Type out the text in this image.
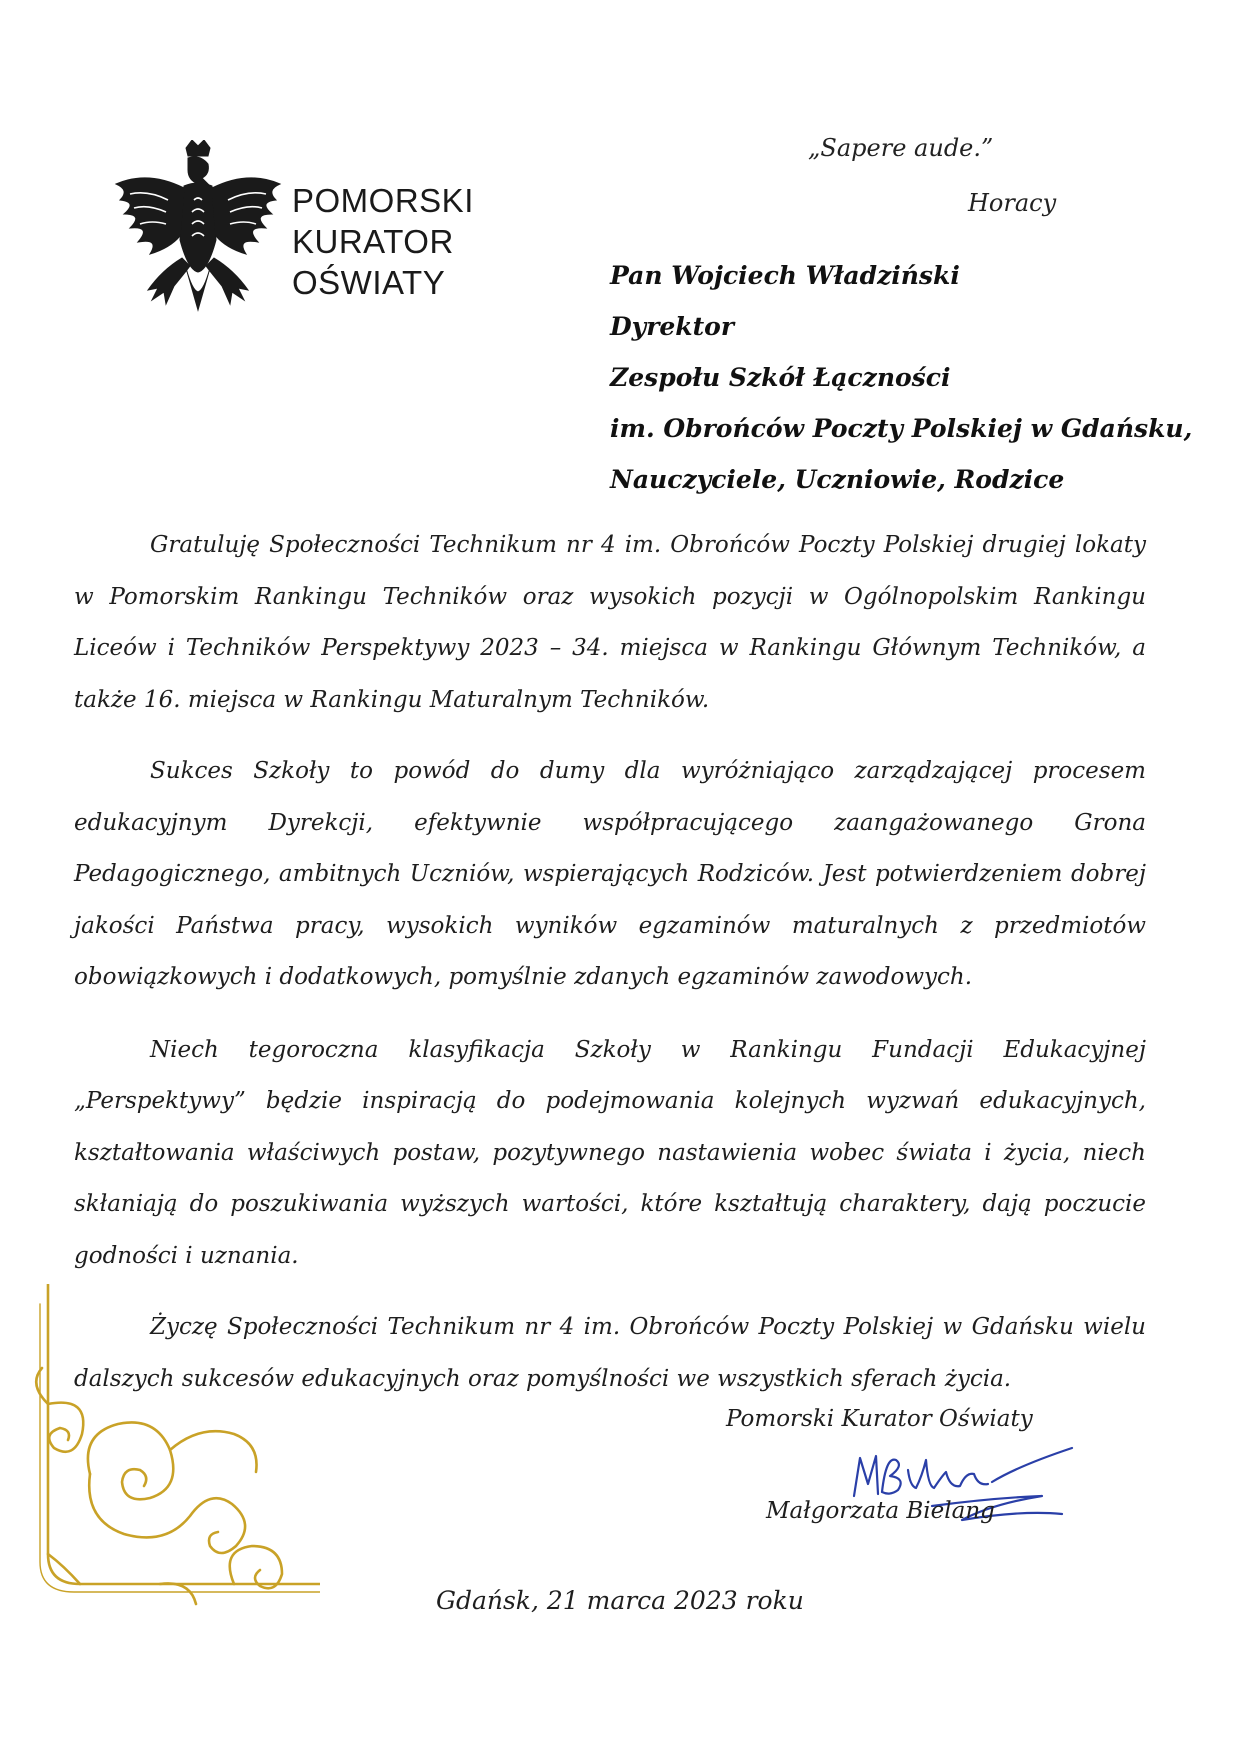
POMORSKI
KURATOR
OŚWIATY
„Sapere aude.”
Horacy
Pan Wojciech Władziński
Dyrektor
Zespołu Szkół Łączności
im. Obrońców Poczty Polskiej w Gdańsku,
Nauczyciele, Uczniowie, Rodzice

Gratuluję Społeczności Technikum nr 4 im. Obrońców Poczty Polskiej drugiej lokaty w Pomorskim Rankingu Techników oraz wysokich pozycji w Ogólnopolskim Rankingu Liceów i Techników Perspektywy 2023 – 34. miejsca w Rankingu Głównym Techników, a także 16. miejsca w Rankingu Maturalnym Techników.

Sukces Szkoły to powód do dumy dla wyróżniająco zarządzającej procesem edukacyjnym Dyrekcji, efektywnie współpracującego zaangażowanego Grona Pedagogicznego, ambitnych Uczniów, wspierających Rodziców. Jest potwierdzeniem dobrej jakości Państwa pracy, wysokich wyników egzaminów maturalnych z przedmiotów obowiązkowych i dodatkowych, pomyślnie zdanych egzaminów zawodowych.

Niech tegoroczna klasyfikacja Szkoły w Rankingu Fundacji Edukacyjnej „Perspektywy” będzie inspiracją do podejmowania kolejnych wyzwań edukacyjnych, kształtowania właściwych postaw, pozytywnego nastawienia wobec świata i życia, niech skłaniają do poszukiwania wyższych wartości, które kształtują charaktery, dają poczucie godności i uznania.

Życzę Społeczności Technikum nr 4 im. Obrońców Poczty Polskiej w Gdańsku wielu dalszych sukcesów edukacyjnych oraz pomyślności we wszystkich sferach życia.

Pomorski Kurator Oświaty
Małgorzata Bielang
Gdańsk, 21 marca 2023 roku
